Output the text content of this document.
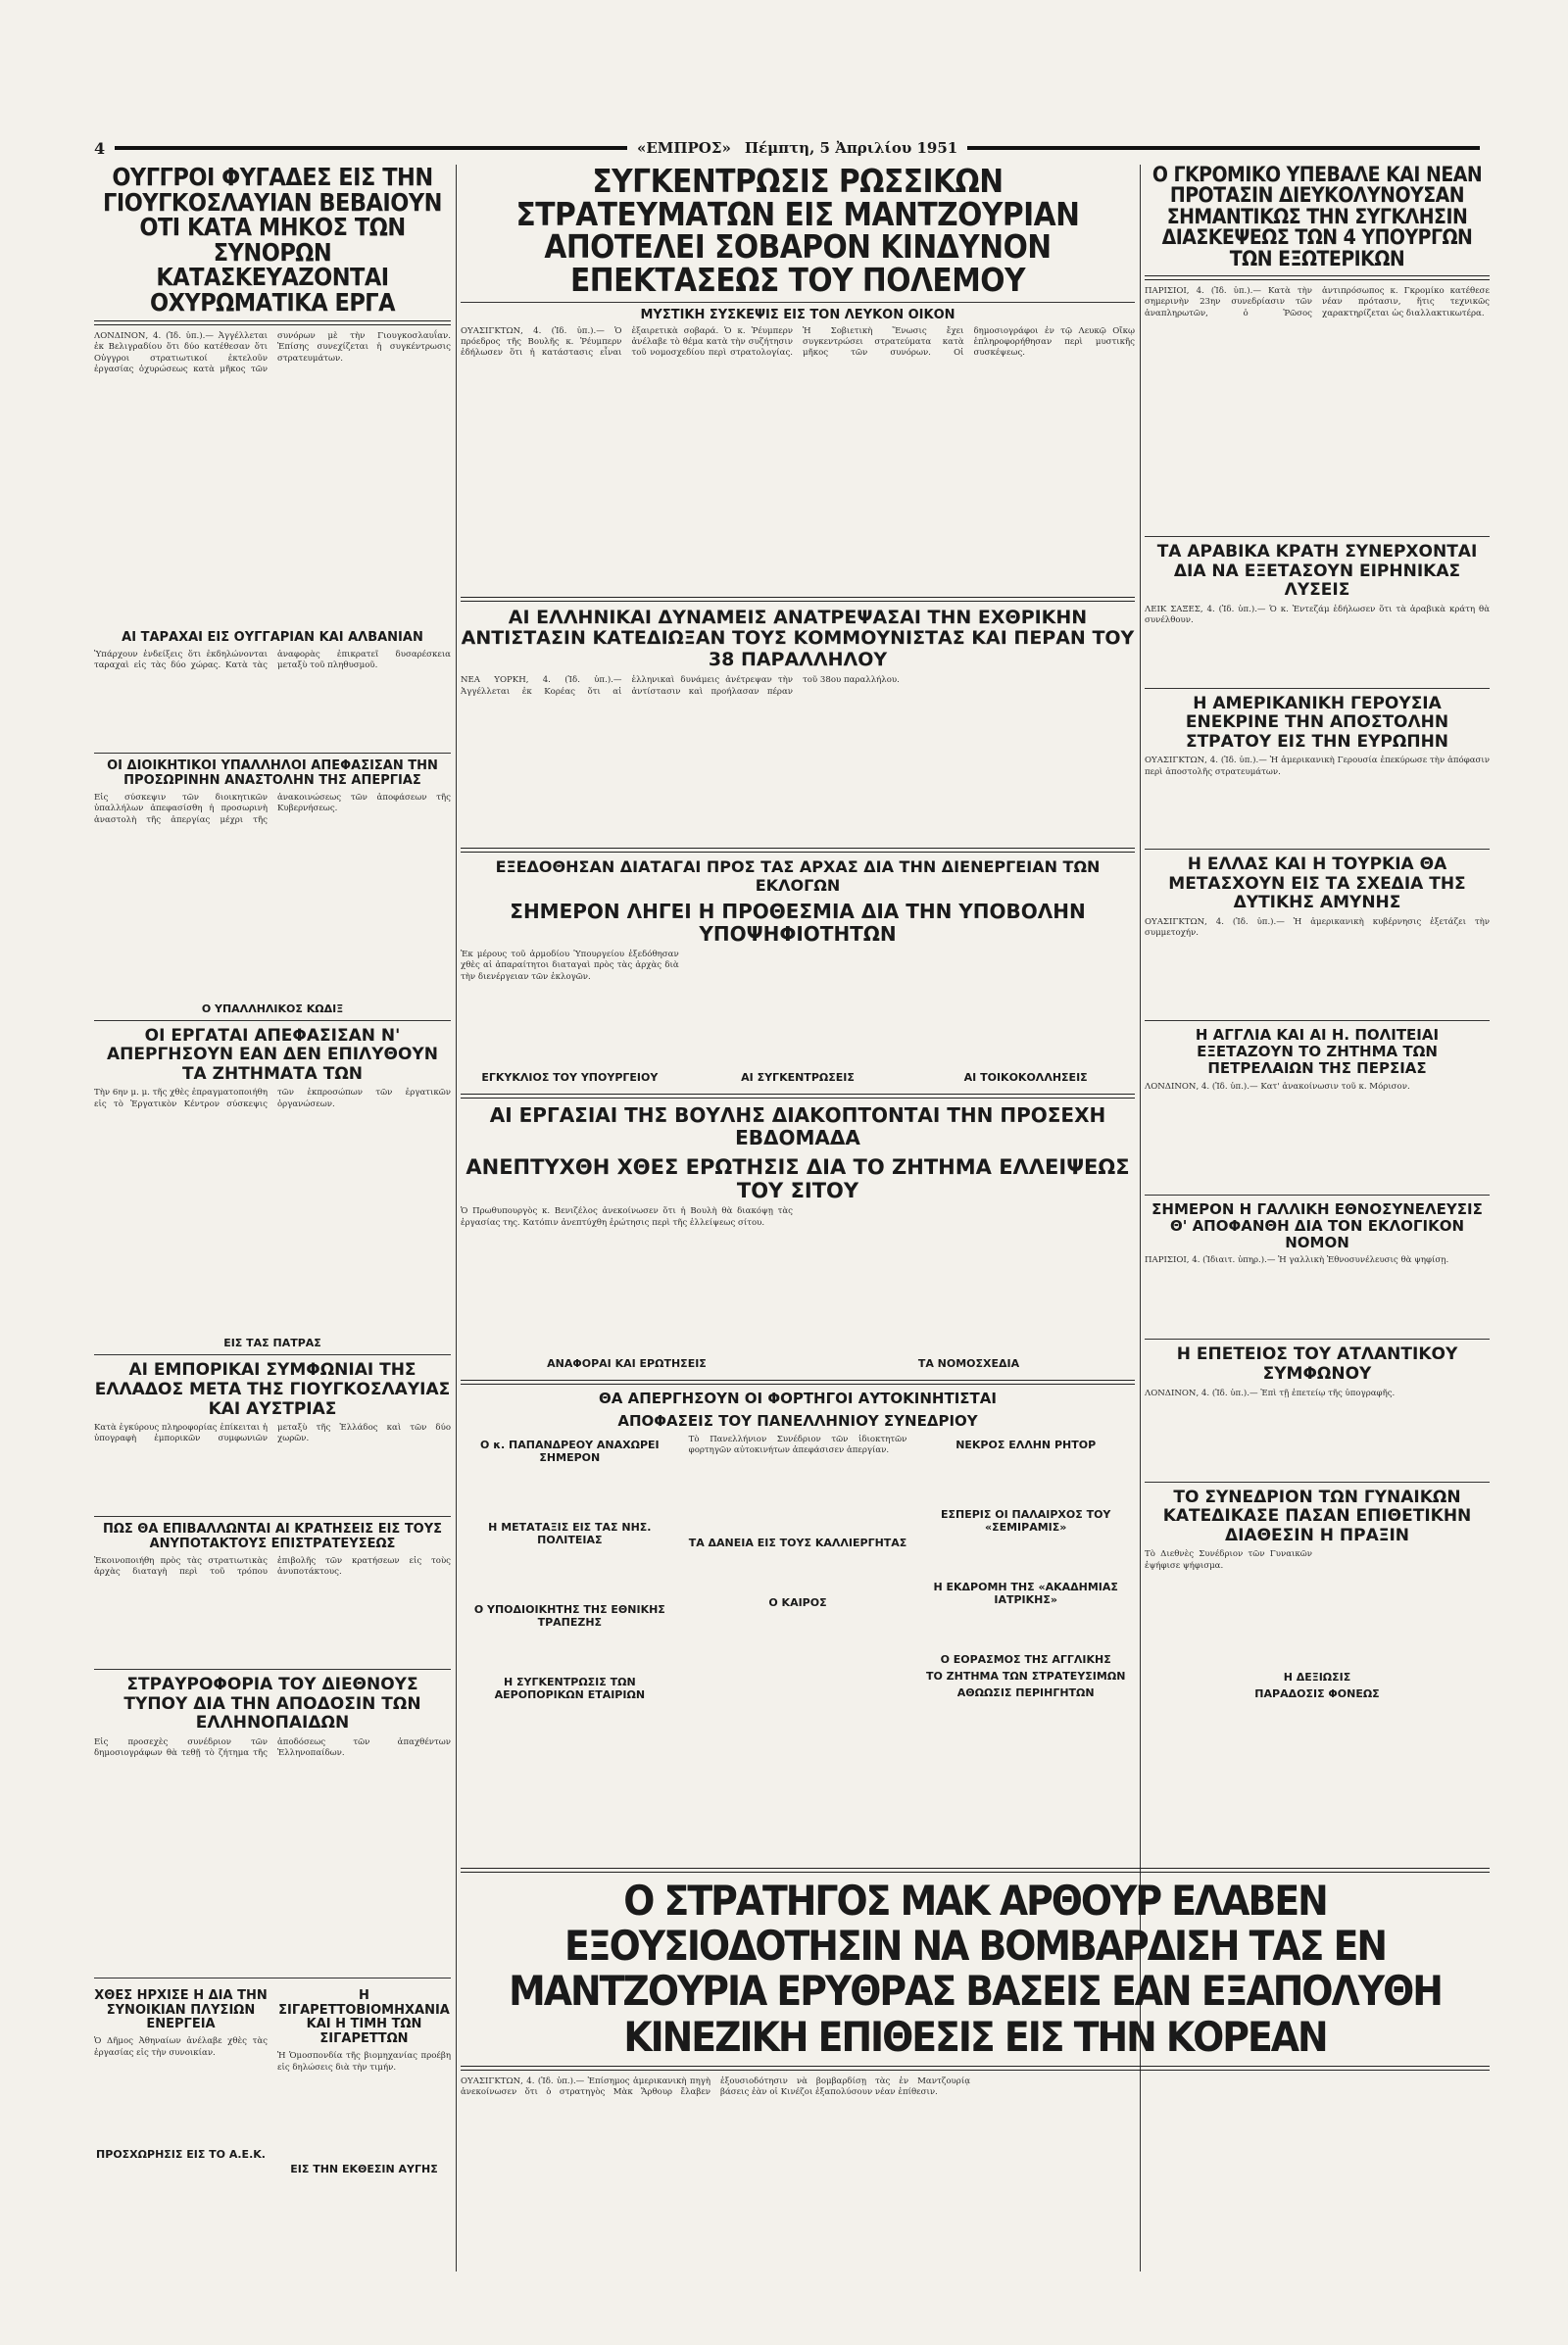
4	«ΕΜΠΡΟΣ» Πέμπτη, 5 Ἀπριλίου 1951
ΟΥΓΓΡΟΙ ΦΥΓΑΔΕΣ ΕΙΣ ΤΗΝ ΓΙΟΥΓΚΟΣΛΑΥΙΑΝ ΒΕΒΑΙΟΥΝ ΟΤΙ ΚΑΤΑ ΜΗΚΟΣ ΤΩΝ ΣΥΝΟΡΩΝ ΚΑΤΑΣΚΕΥΑΖΟΝΤΑΙ ΟΧΥΡΩΜΑΤΙΚΑ ΕΡΓΑ

ΛΟΝΔΙΝΟΝ, 4. (Ἰδ. ὑπ.).— Ἀγγέλλεται ἐκ Βελιγραδίου ὅτι δύο κατέθεσαν ὅτι Οὐγγροι στρατιωτικοί ἐκτελοῦν ἐργασίας ὀχυρώσεως κατὰ μῆκος τῶν συνόρων μὲ τὴν Γιουγκοσλαυΐαν. Ἐπίσης συνεχίζεται ἡ συγκέντρωσις στρατευμάτων.

ΑΙ ΤΑΡΑΧΑΙ ΕΙΣ ΟΥΓΓΑΡΙΑΝ ΚΑΙ ΑΛΒΑΝΙΑΝ

Ὑπάρχουν ἐνδείξεις ὅτι ἐκδηλώνονται ταραχαὶ εἰς τὰς δύο χώρας. Κατὰ τὰς ἀναφορὰς ἐπικρατεῖ δυσαρέσκεια μεταξὺ τοῦ πληθυσμοῦ.

ΟΙ ΔΙΟΙΚΗΤΙΚΟΙ ΥΠΑΛΛΗΛΟΙ ΑΠΕΦΑΣΙΣΑΝ ΤΗΝ ΠΡΟΣΩΡΙΝΗΝ ΑΝΑΣΤΟΛΗΝ ΤΗΣ ΑΠΕΡΓΙΑΣ

Εἰς σύσκεψιν τῶν διοικητικῶν ὑπαλλήλων ἀπεφασίσθη ἡ προσωρινὴ ἀναστολὴ τῆς ἀπεργίας μέχρι τῆς ἀνακοινώσεως τῶν ἀποφάσεων τῆς Κυβερνήσεως.

Ο ΥΠΑΛΛΗΛΙΚΟΣ ΚΩΔΙΞ
ΟΙ ΕΡΓΑΤΑΙ ΑΠΕΦΑΣΙΣΑΝ Ν' ΑΠΕΡΓΗΣΟΥΝ ΕΑΝ ΔΕΝ ΕΠΙΛΥΘΟΥΝ ΤΑ ΖΗΤΗΜΑΤΑ ΤΩΝ

Τὴν 6ην μ. μ. τῆς χθὲς ἐπραγματοποιήθη εἰς τὸ Ἐργατικὸν Κέντρον σύσκεψις τῶν ἐκπροσώπων τῶν ἐργατικῶν ὀργανώσεων.

ΕΙΣ ΤΑΣ ΠΑΤΡΑΣ
ΑΙ ΕΜΠΟΡΙΚΑΙ ΣΥΜΦΩΝΙΑΙ ΤΗΣ ΕΛΛΑΔΟΣ ΜΕΤΑ ΤΗΣ ΓΙΟΥΓΚΟΣΛΑΥΙΑΣ ΚΑΙ ΑΥΣΤΡΙΑΣ

Κατὰ ἐγκύρους πληροφορίας ἐπίκειται ἡ ὑπογραφὴ ἐμπορικῶν συμφωνιῶν μεταξὺ τῆς Ἑλλάδος καὶ τῶν δύο χωρῶν.

ΠΩΣ ΘΑ ΕΠΙΒΑΛΛΩΝΤΑΙ ΑΙ ΚΡΑΤΗΣΕΙΣ ΕΙΣ ΤΟΥΣ ΑΝΥΠΟΤΑΚΤΟΥΣ ΕΠΙΣΤΡΑΤΕΥΣΕΩΣ

Ἐκοινοποιήθη πρὸς τὰς στρατιωτικὰς ἀρχὰς διαταγὴ περὶ τοῦ τρόπου ἐπιβολῆς τῶν κρατήσεων εἰς τοὺς ἀνυποτάκτους.

ΣΤΡΑΥΡΟΦΟΡΙΑ ΤΟΥ ΔΙΕΘΝΟΥΣ ΤΥΠΟΥ ΔΙΑ ΤΗΝ ΑΠΟΔΟΣΙΝ ΤΩΝ ΕΛΛΗΝΟΠΑΙΔΩΝ

Εἰς προσεχὲς συνέδριον τῶν δημοσιογράφων θὰ τεθῇ τὸ ζήτημα τῆς ἀποδόσεως τῶν ἀπαχθέντων Ἑλληνοπαίδων.

ΧΘΕΣ ΗΡΧΙΣΕ Η ΔΙΑ ΤΗΝ ΣΥΝΟΙΚΙΑΝ ΠΛΥΣΙΩΝ ΕΝΕΡΓΕΙΑ

Ὁ Δῆμος Ἀθηναίων ἀνέλαβε χθὲς τὰς ἐργασίας εἰς τὴν συνοικίαν.

ΠΡΟΣΧΩΡΗΣΙΣ ΕΙΣ ΤΟ Α.Ε.Κ.
Η ΣΙΓΑΡΕΤΤΟΒΙΟΜΗΧΑΝΙΑ ΚΑΙ Η ΤΙΜΗ ΤΩΝ ΣΙΓΑΡΕΤΤΩΝ

Ἡ Ὁμοσπονδία τῆς βιομηχανίας προέβη εἰς δηλώσεις διὰ τὴν τιμήν.

ΕΙΣ ΤΗΝ ΕΚΘΕΣΙΝ ΑΥΓΗΣ
ΣΥΓΚΕΝΤΡΩΣΙΣ ΡΩΣΣΙΚΩΝ ΣΤΡΑΤΕΥΜΑΤΩΝ ΕΙΣ ΜΑΝΤΖΟΥΡΙΑΝ ΑΠΟΤΕΛΕΙ ΣΟΒΑΡΟΝ ΚΙΝΔΥΝΟΝ ΕΠΕΚΤΑΣΕΩΣ ΤΟΥ ΠΟΛΕΜΟΥ
ΜΥΣΤΙΚΗ ΣΥΣΚΕΨΙΣ ΕΙΣ ΤΟΝ ΛΕΥΚΟΝ ΟΙΚΟΝ

ΟΥΑΣΙΓΚΤΩΝ, 4. (Ἰδ. ὑπ.).— Ὁ πρόεδρος τῆς Βουλῆς κ. Ῥέυμπερν ἐδήλωσεν ὅτι ἡ κατάστασις εἶναι ἐξαιρετικὰ σοβαρά. Ὁ κ. Ῥέυμπερν ἀνέλαβε τὸ θέμα κατὰ τὴν συζήτησιν τοῦ νομοσχεδίου περὶ στρατολογίας. Ἡ Σοβιετικὴ Ἕνωσις ἔχει συγκεντρώσει στρατεύματα κατὰ μῆκος τῶν συνόρων. Οἱ δημοσιογράφοι ἐν τῷ Λευκῷ Οἴκῳ ἐπληροφορήθησαν περὶ μυστικῆς συσκέψεως.

ΑΙ ΕΛΛΗΝΙΚΑΙ ΔΥΝΑΜΕΙΣ ΑΝΑΤΡΕΨΑΣΑΙ ΤΗΝ ΕΧΘΡΙΚΗΝ ΑΝΤΙΣΤΑΣΙΝ ΚΑΤΕΔΙΩΞΑΝ ΤΟΥΣ ΚΟΜΜΟΥΝΙΣΤΑΣ ΚΑΙ ΠΕΡΑΝ ΤΟΥ 38 ΠΑΡΑΛΛΗΛΟΥ

ΝΕΑ ΥΟΡΚΗ, 4. (Ἰδ. ὑπ.).— Ἀγγέλλεται ἐκ Κορέας ὅτι αἱ ἑλληνικαὶ δυνάμεις ἀνέτρεψαν τὴν ἀντίστασιν καὶ προήλασαν πέραν τοῦ 38ου παραλλήλου.

ΕΞΕΔΟΘΗΣΑΝ ΔΙΑΤΑΓΑΙ ΠΡΟΣ ΤΑΣ ΑΡΧΑΣ ΔΙΑ ΤΗΝ ΔΙΕΝΕΡΓΕΙΑΝ ΤΩΝ ΕΚΛΟΓΩΝ
ΣΗΜΕΡΟΝ ΛΗΓΕΙ Η ΠΡΟΘΕΣΜΙΑ ΔΙΑ ΤΗΝ ΥΠΟΒΟΛΗΝ ΥΠΟΨΗΦΙΟΤΗΤΩΝ

Ἐκ μέρους τοῦ ἁρμοδίου Ὑπουργείου ἐξεδόθησαν χθὲς αἱ ἀπαραίτητοι διαταγαὶ πρὸς τὰς ἀρχὰς διὰ τὴν διενέργειαν τῶν ἐκλογῶν.

ΕΓΚΥΚΛΙΟΣ ΤΟΥ ΥΠΟΥΡΓΕΙΟΥ	ΑΙ ΣΥΓΚΕΝΤΡΩΣΕΙΣ	ΑΙ ΤΟΙΚΟΚΟΛΛΗΣΕΙΣ
ΑΙ ΕΡΓΑΣΙΑΙ ΤΗΣ ΒΟΥΛΗΣ ΔΙΑΚΟΠΤΟΝΤΑΙ ΤΗΝ ΠΡΟΣΕΧΗ ΕΒΔΟΜΑΔΑ
ΑΝΕΠΤΥΧΘΗ ΧΘΕΣ ΕΡΩΤΗΣΙΣ ΔΙΑ ΤΟ ΖΗΤΗΜΑ ΕΛΛΕΙΨΕΩΣ ΤΟΥ ΣΙΤΟΥ

Ὁ Πρωθυπουργὸς κ. Βενιζέλος ἀνεκοίνωσεν ὅτι ἡ Βουλὴ θὰ διακόψῃ τὰς ἐργασίας της. Κατόπιν ἀνεπτύχθη ἐρώτησις περὶ τῆς ἐλλείψεως σίτου.

ΑΝΑΦΟΡΑΙ ΚΑΙ ΕΡΩΤΗΣΕΙΣ	ΤΑ ΝΟΜΟΣΧΕΔΙΑ
ΘΑ ΑΠΕΡΓΗΣΟΥΝ ΟΙ ΦΟΡΤΗΓΟΙ ΑΥΤΟΚΙΝΗΤΙΣΤΑΙ
ΑΠΟΦΑΣΕΙΣ ΤΟΥ ΠΑΝΕΛΛΗΝΙΟΥ ΣΥΝΕΔΡΙΟΥ
Ο κ. ΠΑΠΑΝΔΡΕΟΥ ΑΝΑΧΩΡΕΙ ΣΗΜΕΡΟΝ

Η ΜΕΤΑΤΑΞΙΣ ΕΙΣ ΤΑΣ ΝΗΣ. ΠΟΛΙΤΕΙΑΣ

Ο ΥΠΟΔΙΟΙΚΗΤΗΣ ΤΗΣ ΕΘΝΙΚΗΣ ΤΡΑΠΕΖΗΣ

Η ΣΥΓΚΕΝΤΡΩΣΙΣ ΤΩΝ ΑΕΡΟΠΟΡΙΚΩΝ ΕΤΑΙΡΙΩΝ

Τὸ Πανελλήνιον Συνέδριον τῶν ἰδιοκτητῶν φορτηγῶν αὐτοκινήτων ἀπεφάσισεν ἀπεργίαν.

ΤΑ ΔΑΝΕΙΑ ΕΙΣ ΤΟΥΣ ΚΑΛΛΙΕΡΓΗΤΑΣ

Ο ΚΑΙΡΟΣ
ΝΕΚΡΟΣ ΕΛΛΗΝ ΡΗΤΟΡ

ΕΣΠΕΡΙΣ ΟΙ ΠΑΛΑΙΡΧΟΣ ΤΟΥ «ΣΕΜΙΡΑΜΙΣ»

Η ΕΚΔΡΟΜΗ ΤΗΣ «ΑΚΑΔΗΜΙΑΣ ΙΑΤΡΙΚΗΣ»

Ο ΕΟΡΑΣΜΟΣ ΤΗΣ ΑΓΓΛΙΚΗΣ
ΤΟ ΖΗΤΗΜΑ ΤΩΝ ΣΤΡΑΤΕΥΣΙΜΩΝ
ΑΘΩΩΣΙΣ ΠΕΡΙΗΓΗΤΩΝ
Ο ΓΚΡΟΜΙΚΟ ΥΠΕΒΑΛΕ ΚΑΙ ΝΕΑΝ ΠΡΟΤΑΣΙΝ ΔΙΕΥΚΟΛΥΝΟΥΣΑΝ ΣΗΜΑΝΤΙΚΩΣ ΤΗΝ ΣΥΓΚΛΗΣΙΝ ΔΙΑΣΚΕΨΕΩΣ ΤΩΝ 4 ΥΠΟΥΡΓΩΝ ΤΩΝ ΕΞΩΤΕΡΙΚΩΝ

ΠΑΡΙΣΙΟΙ, 4. (Ἰδ. ὑπ.).— Κατὰ τὴν σημερινὴν 23ην συνεδρίασιν τῶν ἀναπληρωτῶν, ὁ Ῥῶσος ἀντιπρόσωπος κ. Γκρομίκο κατέθεσε νέαν πρότασιν, ἥτις τεχνικῶς χαρακτηρίζεται ὡς διαλλακτικωτέρα.

ΤΑ ΑΡΑΒΙΚΑ ΚΡΑΤΗ ΣΥΝΕΡΧΟΝΤΑΙ ΔΙΑ ΝΑ ΕΞΕΤΑΣΟΥΝ ΕΙΡΗΝΙΚΑΣ ΛΥΣΕΙΣ

ΛΕΙΚ ΣΑΞΕΣ, 4. (Ἰδ. ὑπ.).— Ὁ κ. Ἐντεζάμ ἐδήλωσεν ὅτι τὰ ἀραβικὰ κράτη θὰ συνέλθουν.

Η ΑΜΕΡΙΚΑΝΙΚΗ ΓΕΡΟΥΣΙΑ ΕΝΕΚΡΙΝΕ ΤΗΝ ΑΠΟΣΤΟΛΗΝ ΣΤΡΑΤΟΥ ΕΙΣ ΤΗΝ ΕΥΡΩΠΗΝ

ΟΥΑΣΙΓΚΤΩΝ, 4. (Ἰδ. ὑπ.).— Ἡ ἀμερικανικὴ Γερουσία ἐπεκύρωσε τὴν ἀπόφασιν περὶ ἀποστολῆς στρατευμάτων.

Η ΕΛΛΑΣ ΚΑΙ Η ΤΟΥΡΚΙΑ ΘΑ ΜΕΤΑΣΧΟΥΝ ΕΙΣ ΤΑ ΣΧΕΔΙΑ ΤΗΣ ΔΥΤΙΚΗΣ ΑΜΥΝΗΣ

ΟΥΑΣΙΓΚΤΩΝ, 4. (Ἰδ. ὑπ.).— Ἡ ἀμερικανικὴ κυβέρνησις ἐξετάζει τὴν συμμετοχήν.

Η ΑΓΓΛΙΑ ΚΑΙ ΑΙ Η. ΠΟΛΙΤΕΙΑΙ ΕΞΕΤΑΖΟΥΝ ΤΟ ΖΗΤΗΜΑ ΤΩΝ ΠΕΤΡΕΛΑΙΩΝ ΤΗΣ ΠΕΡΣΙΑΣ

ΛΟΝΔΙΝΟΝ, 4. (Ἰδ. ὑπ.).— Κατ' ἀνακοίνωσιν τοῦ κ. Μόρισον.

ΣΗΜΕΡΟΝ Η ΓΑΛΛΙΚΗ ΕΘΝΟΣΥΝΕΛΕΥΣΙΣ Θ' ΑΠΟΦΑΝΘΗ ΔΙΑ ΤΟΝ ΕΚΛΟΓΙΚΟΝ ΝΟΜΟΝ

ΠΑΡΙΣΙΟΙ, 4. (Ἰδιαιτ. ὑπηρ.).— Ἡ γαλλικὴ Ἐθνοσυνέλευσις θὰ ψηφίσῃ.

Η ΕΠΕΤΕΙΟΣ ΤΟΥ ΑΤΛΑΝΤΙΚΟΥ ΣΥΜΦΩΝΟΥ

ΛΟΝΔΙΝΟΝ, 4. (Ἰδ. ὑπ.).— Ἐπὶ τῇ ἐπετείῳ τῆς ὑπογραφῆς.

ΤΟ ΣΥΝΕΔΡΙΟΝ ΤΩΝ ΓΥΝΑΙΚΩΝ ΚΑΤΕΔΙΚΑΣΕ ΠΑΣΑΝ ΕΠΙΘΕΤΙΚΗΝ ΔΙΑΘΕΣΙΝ Η ΠΡΑΞΙΝ

Τὸ Διεθνὲς Συνέδριον τῶν Γυναικῶν ἐψήφισε ψήφισμα.

Η ΔΕΞΙΩΣΙΣ
ΠΑΡΑΔΟΣΙΣ ΦΟΝΕΩΣ
Ο ΣΤΡΑΤΗΓΟΣ ΜΑΚ ΑΡΘΟΥΡ ΕΛΑΒΕΝ ΕΞΟΥΣΙΟΔΟΤΗΣΙΝ ΝΑ ΒΟΜΒΑΡΔΙΣΗ ΤΑΣ ΕΝ ΜΑΝΤΖΟΥΡΙΑ ΕΡΥΘΡΑΣ ΒΑΣΕΙΣ ΕΑΝ ΕΞΑΠΟΛΥΘΗ ΚΙΝΕΖΙΚΗ ΕΠΙΘΕΣΙΣ ΕΙΣ ΤΗΝ ΚΟΡΕΑΝ

ΟΥΑΣΙΓΚΤΩΝ, 4. (Ἰδ. ὑπ.).— Ἐπίσημος ἀμερικανικὴ πηγὴ ἀνεκοίνωσεν ὅτι ὁ στρατηγὸς Μὰκ Ἄρθουρ ἔλαβεν ἐξουσιοδότησιν νὰ βομβαρδίσῃ τὰς ἐν Μαντζουρίᾳ βάσεις ἐὰν οἱ Κινέζοι ἐξαπολύσουν νέαν ἐπίθεσιν.
